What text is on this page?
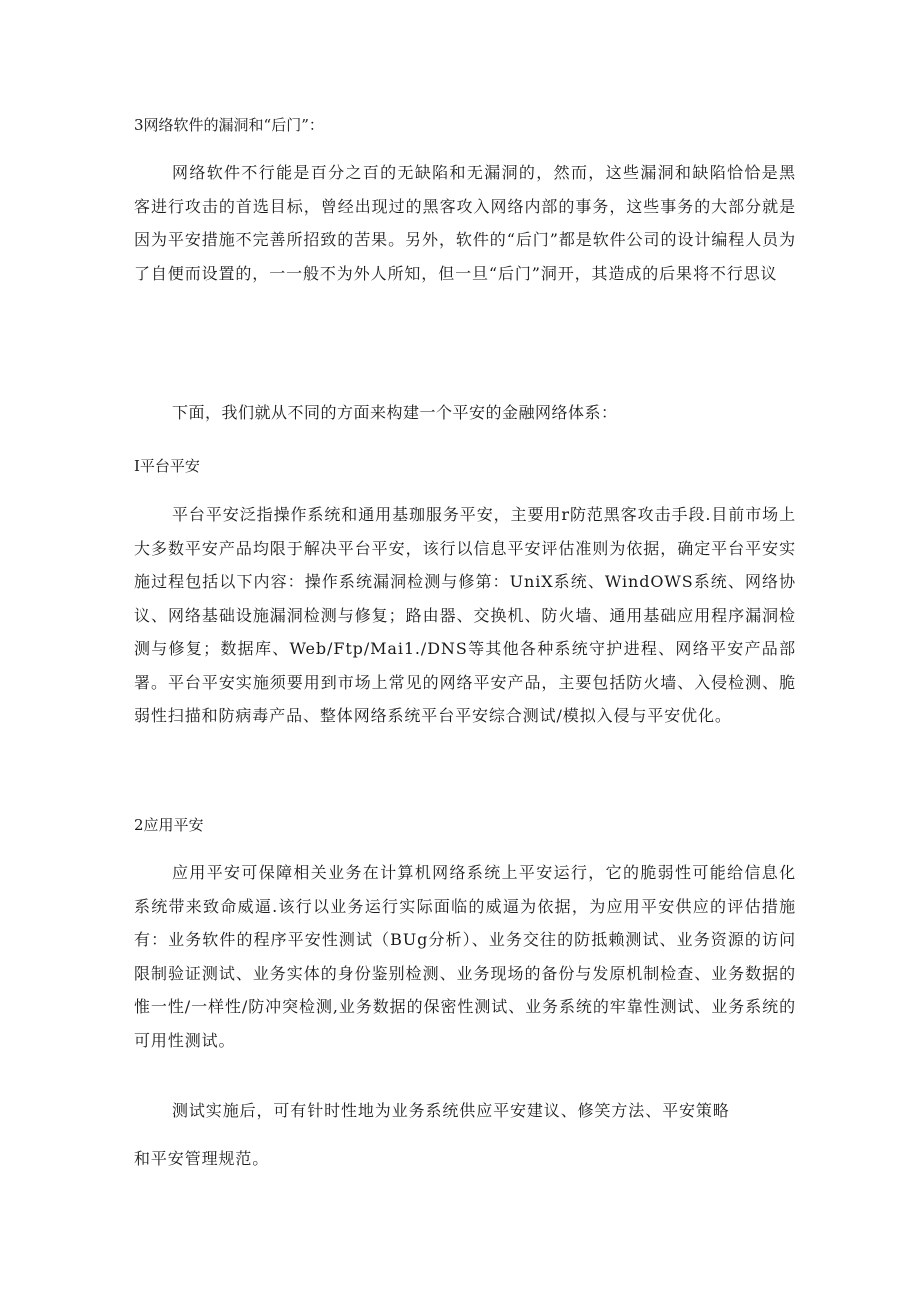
3网络软件的漏洞和“后门”：

网络软件不行能是百分之百的无缺陷和无漏洞的，然而，这些漏洞和缺陷恰恰是黑客进行攻击的首选目标，曾经出现过的黑客攻入网络内部的事务，这些事务的大部分就是因为平安措施不完善所招致的苦果。另外，软件的“后门”都是软件公司的设计编程人员为了自便而设置的，一一般不为外人所知，但一旦“后门”洞开，其造成的后果将不行思议

下面，我们就从不同的方面来构建一个平安的金融网络体系：
I平台平安

平台平安泛指操作系统和通用基珈服务平安，主要用r防范黑客攻击手段.目前市场上大多数平安产品均限于解决平台平安，该行以信息平安评估准则为依据，确定平台平安实施过程包括以下内容：操作系统漏洞检测与修第：UniX系统、WindOWS系统、网络协议、网络基础设施漏洞检测与修复；路由器、交换机、防火墙、通用基础应用程序漏洞检测与修复；数据库、Web/Ftp/Mai1./DNS等其他各种系统守护进程、网络平安产品部署。平台平安实施须要用到市场上常见的网络平安产品，主要包括防火墙、入侵检测、脆弱性扫描和防病毒产品、整体网络系统平台平安综合测试/模拟入侵与平安优化。

2应用平安

应用平安可保障相关业务在计算机网络系统上平安运行，它的脆弱性可能给信息化系统带来致命威逼.该行以业务运行实际面临的威逼为依据，为应用平安供应的评估措施有：业务软件的程序平安性测试（BUg分析）、业务交往的防抵赖测试、业务资源的访问限制验证测试、业务实体的身份鉴别检测、业务现场的备份与发原机制检查、业务数据的惟一性/一样性/防冲突检测,业务数据的保密性测试、业务系统的牢靠性测试、业务系统的可用性测试。

测试实施后，可有针时性地为业务系统供应平安建议、修笑方法、平安策略
和平安管理规范。
